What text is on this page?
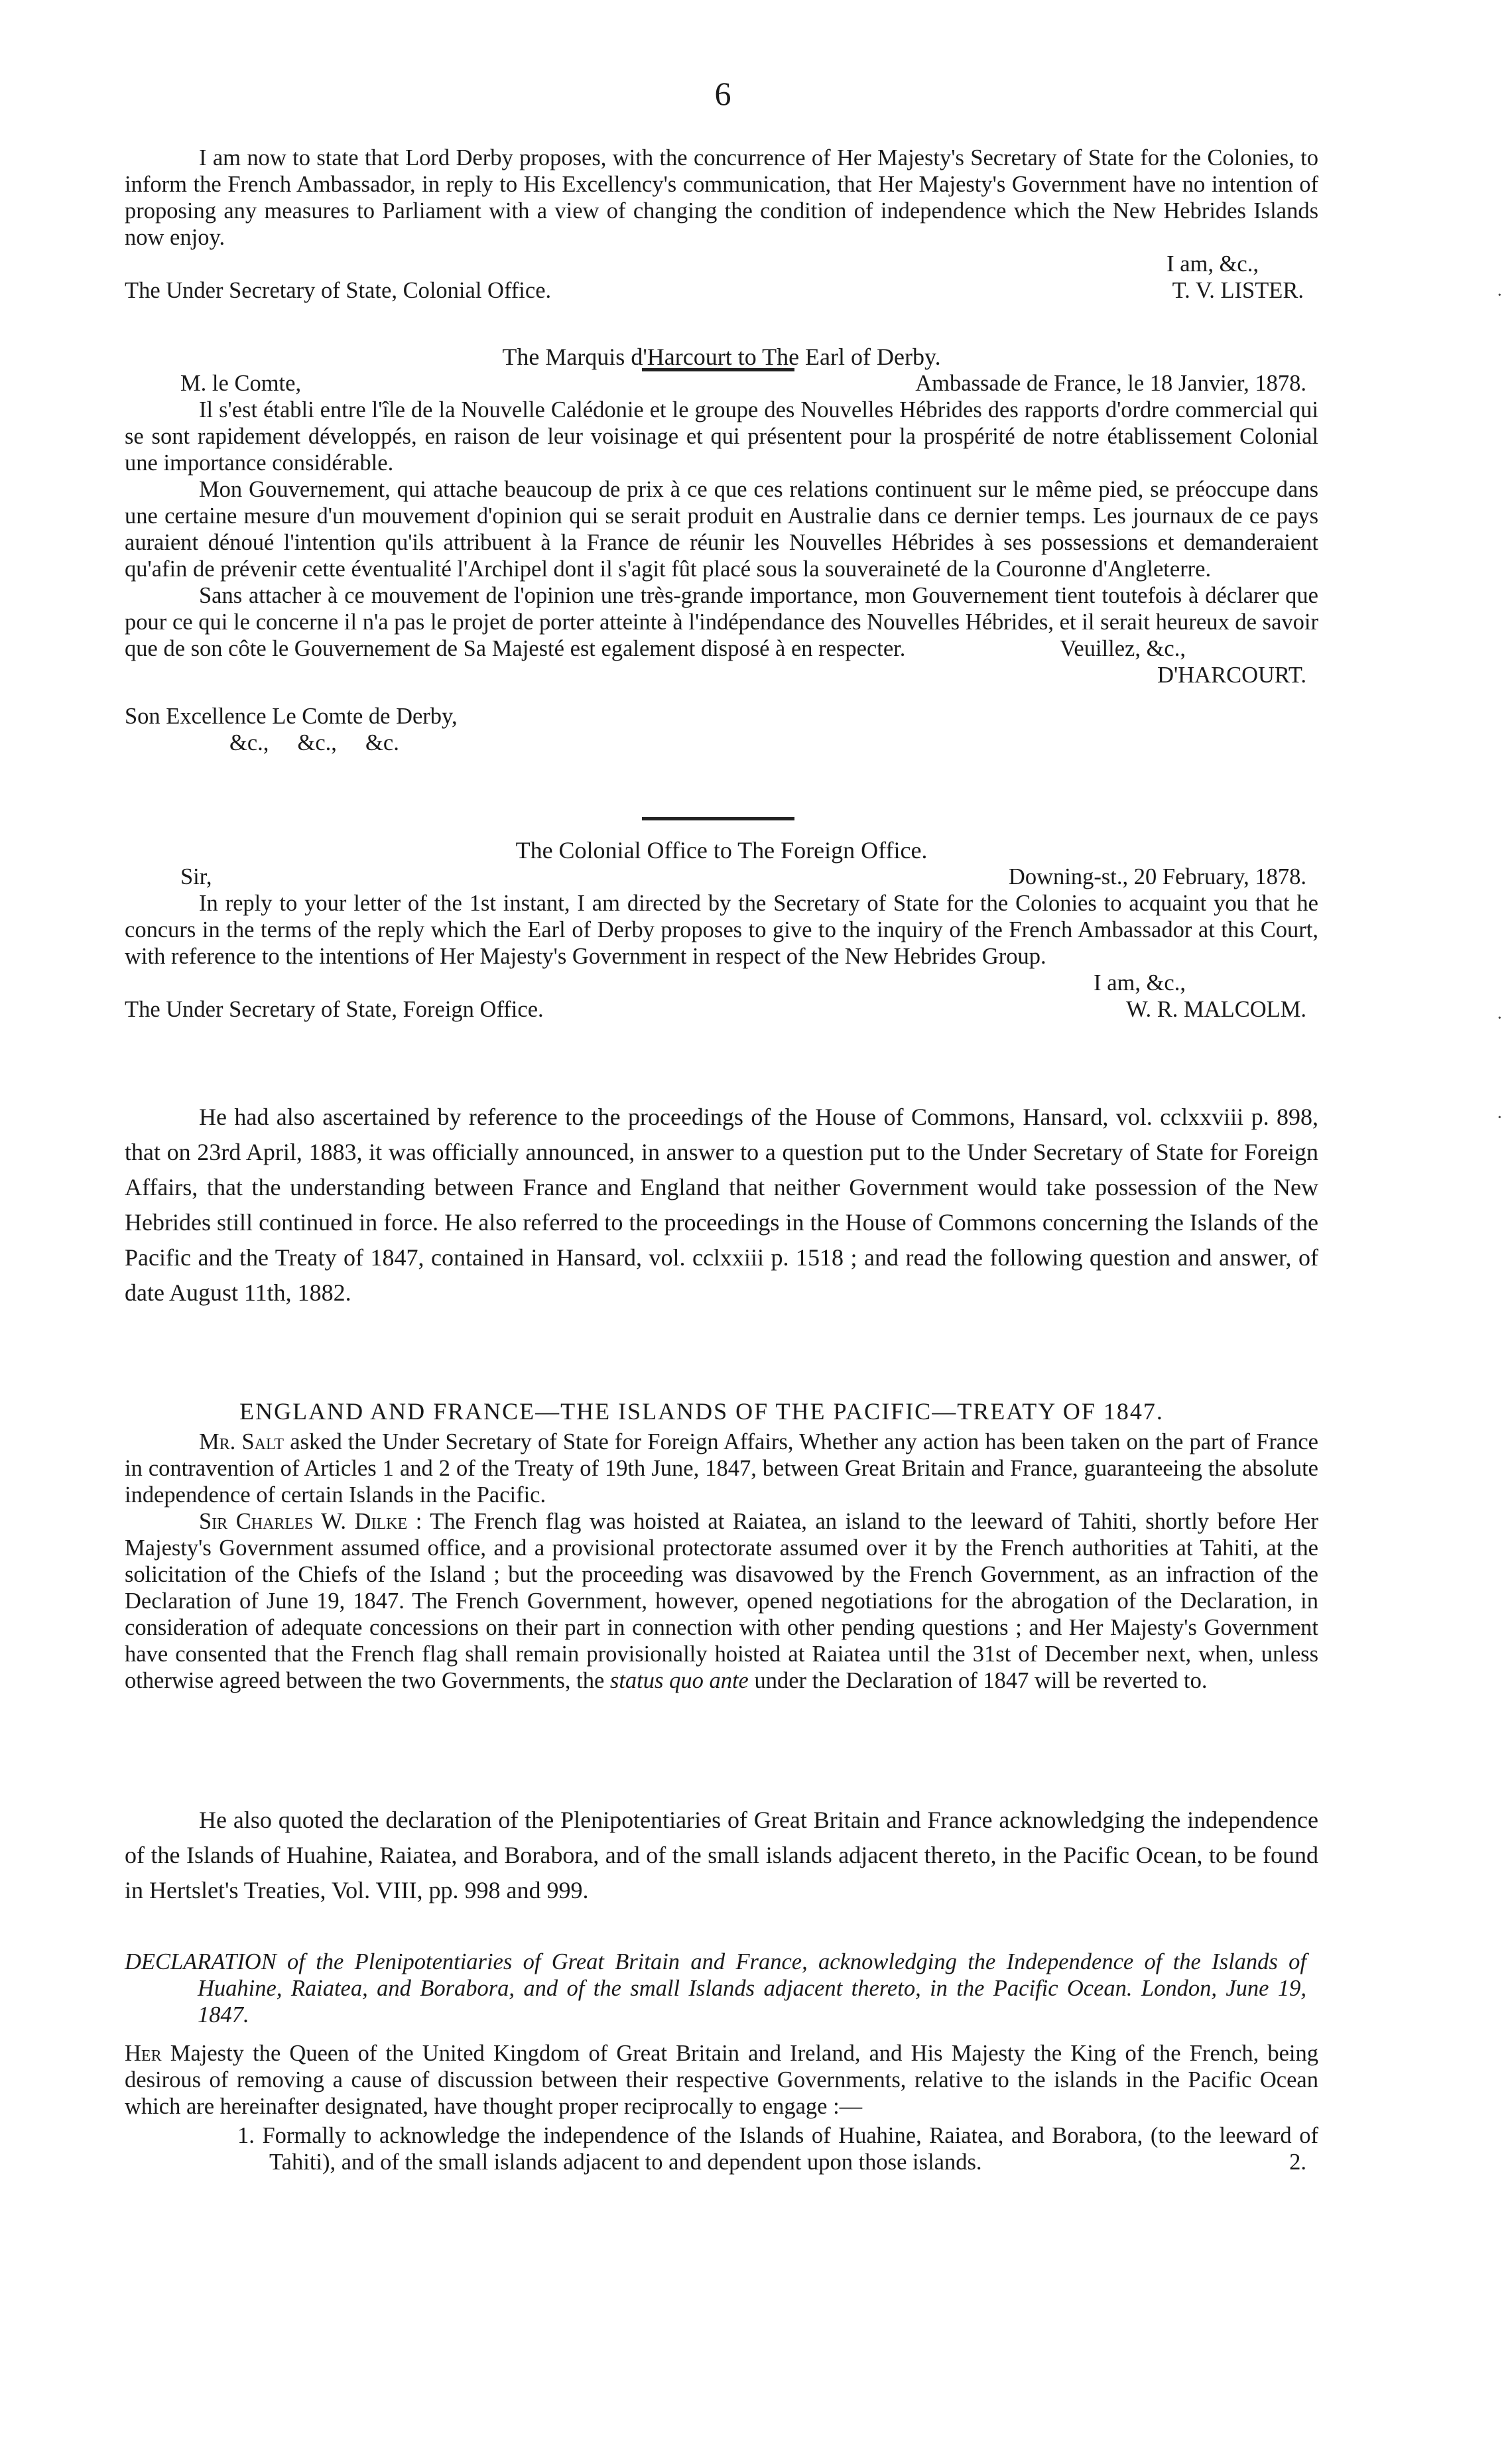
6

I am now to state that Lord Derby proposes, with the concurrence of Her Majesty's Secretary of State for the Colonies, to inform the French Ambassador, in reply to His Excellency's communication, that Her Majesty's Government have no intention of proposing any measures to Parliament with a view of changing the condition of independence which the New Hebrides Islands now enjoy.

I am, &c.,

The Under Secretary of State, Colonial Office.	T. V. LISTER.

The Marquis d'Harcourt to The Earl of Derby.

M. le Comte,	Ambassade de France, le 18 Janvier, 1878.

Il s'est établi entre l'île de la Nouvelle Calédonie et le groupe des Nouvelles Hébrides des rapports d'ordre commercial qui se sont rapidement développés, en raison de leur voisinage et qui présentent pour la prospérité de notre établissement Colonial une importance considérable.

Mon Gouvernement, qui attache beaucoup de prix à ce que ces relations continuent sur le même pied, se préoccupe dans une certaine mesure d'un mouvement d'opinion qui se serait produit en Australie dans ce dernier temps. Les journaux de ce pays auraient dénoué l'intention qu'ils attribuent à la France de réunir les Nouvelles Hébrides à ses possessions et demanderaient qu'afin de prévenir cette éventualité l'Archipel dont il s'agit fût placé sous la souveraineté de la Couronne d'Angleterre.

Sans attacher à ce mouvement de l'opinion une très-grande importance, mon Gouvernement tient toutefois à déclarer que pour ce qui le concerne il n'a pas le projet de porter atteinte à l'indépendance des Nouvelles Hébrides, et il serait heureux de savoir que de son côte le Gouvernement de Sa Majesté est egalement disposé à en respecter.	Veuillez, &c.,

D'HARCOURT.

Son Excellence Le Comte de Derby,

&c.,     &c.,     &c.

The Colonial Office to The Foreign Office.

Sir,	Downing-st., 20 February, 1878.

In reply to your letter of the 1st instant, I am directed by the Secretary of State for the Colonies to acquaint you that he concurs in the terms of the reply which the Earl of Derby proposes to give to the inquiry of the French Ambassador at this Court, with reference to the intentions of Her Majesty's Government in respect of the New Hebrides Group.

I am, &c.,

The Under Secretary of State, Foreign Office.	W. R. MALCOLM.

He had also ascertained by reference to the proceedings of the House of Commons, Hansard, vol. cclxxviii p. 898, that on 23rd April, 1883, it was officially announced, in answer to a question put to the Under Secretary of State for Foreign Affairs, that the understanding between France and England that neither Government would take possession of the New Hebrides still continued in force. He also referred to the proceedings in the House of Commons concerning the Islands of the Pacific and the Treaty of 1847, contained in Hansard, vol. cclxxiii p. 1518 ; and read the following question and answer, of date August 11th, 1882.

ENGLAND AND FRANCE—THE ISLANDS OF THE PACIFIC—TREATY OF 1847.

Mr. Salt asked the Under Secretary of State for Foreign Affairs, Whether any action has been taken on the part of France in contravention of Articles 1 and 2 of the Treaty of 19th June, 1847, between Great Britain and France, guaranteeing the absolute independence of certain Islands in the Pacific.

Sir Charles W. Dilke : The French flag was hoisted at Raiatea, an island to the leeward of Tahiti, shortly before Her Majesty's Government assumed office, and a provisional protectorate assumed over it by the French authorities at Tahiti, at the solicitation of the Chiefs of the Island ; but the proceeding was disavowed by the French Government, as an infraction of the Declaration of June 19, 1847. The French Government, however, opened negotiations for the abrogation of the Declaration, in consideration of adequate concessions on their part in connection with other pending questions ; and Her Majesty's Government have consented that the French flag shall remain provisionally hoisted at Raiatea until the 31st of December next, when, unless otherwise agreed between the two Governments, the status quo ante under the Declaration of 1847 will be reverted to.

He also quoted the declaration of the Plenipotentiaries of Great Britain and France acknowledging the independence of the Islands of Huahine, Raiatea, and Borabora, and of the small islands adjacent thereto, in the Pacific Ocean, to be found in Hertslet's Treaties, Vol. VIII, pp. 998 and 999.

DECLARATION of the Plenipotentiaries of Great Britain and France, acknowledging the Independence of the Islands of Huahine, Raiatea, and Borabora, and of the small Islands adjacent thereto, in the Pacific Ocean. London, June 19, 1847.

Her Majesty the Queen of the United Kingdom of Great Britain and Ireland, and His Majesty the King of the French, being desirous of removing a cause of discussion between their respective Governments, relative to the islands in the Pacific Ocean which are hereinafter designated, have thought proper reciprocally to engage :—

1. Formally to acknowledge the independence of the Islands of Huahine, Raiatea, and Borabora, (to the leeward of Tahiti), and of the small islands adjacent to and dependent upon those islands.	2.

·
·
·
